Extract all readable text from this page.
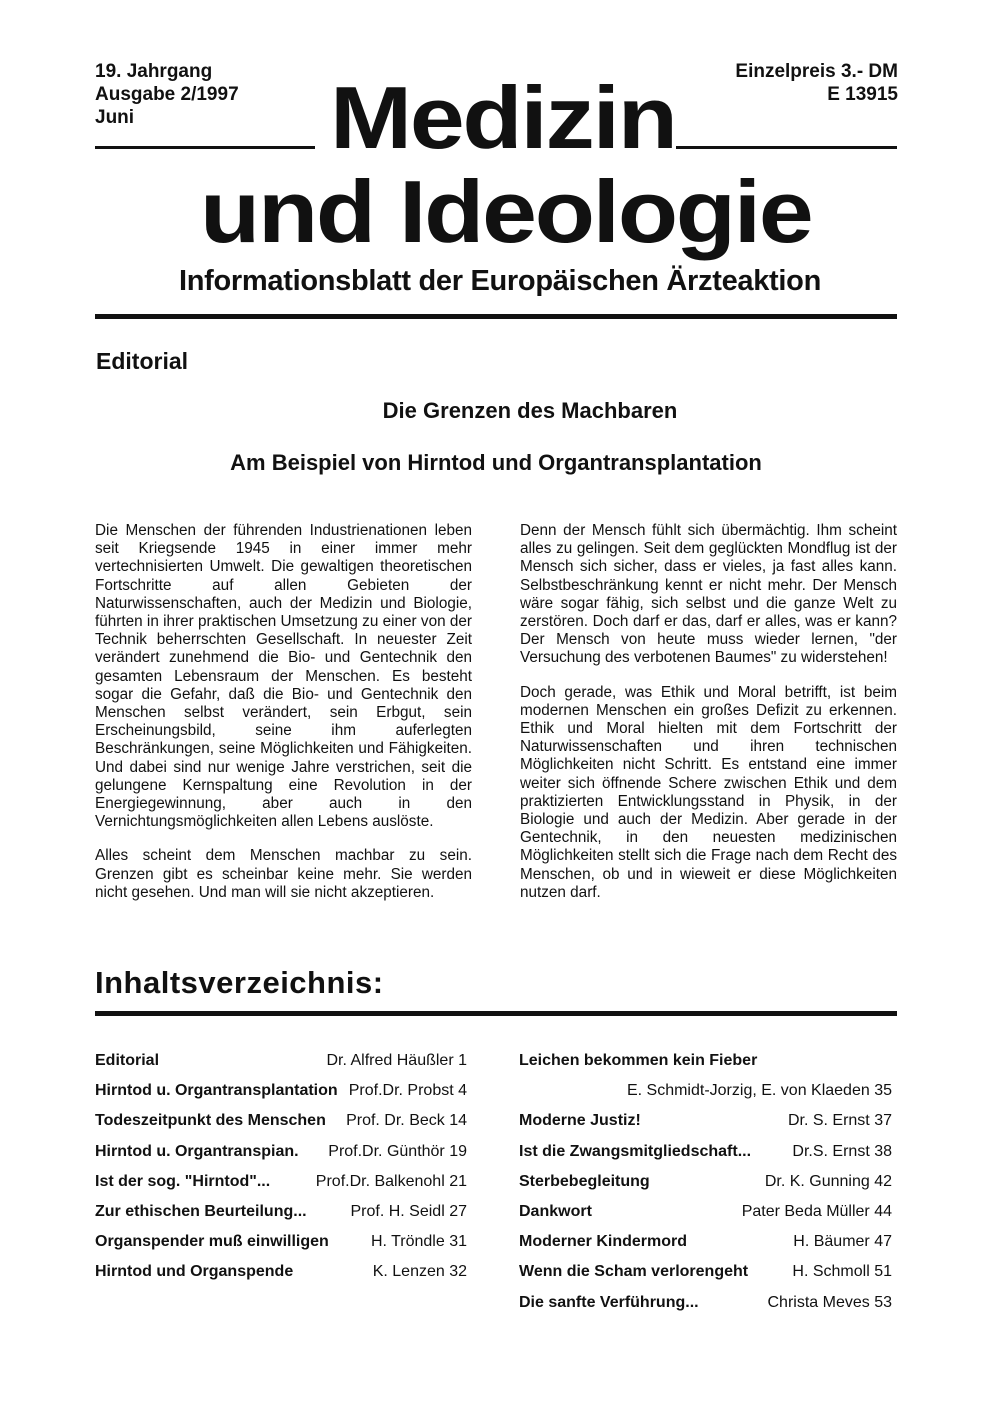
19. Jahrgang
Ausgabe 2/1997
Juni
Einzelpreis 3.- DM
E 13915
Medizin
und Ideologie
Informationsblatt der Europäischen Ärzteaktion
Editorial
Die Grenzen des Machbaren
Am Beispiel von Hirntod und Organtransplantation

Die Menschen der führenden Industrienationen leben seit Kriegsende 1945 in einer immer mehr vertechnisierten Umwelt. Die gewaltigen theoretischen Fortschritte auf allen Gebieten der Naturwissenschaften, auch der Medizin und Biologie, führten in ihrer praktischen Umsetzung zu einer von der Technik beherrschten Gesellschaft. In neuester Zeit verändert zunehmend die Bio- und Gentechnik den gesamten Lebensraum der Menschen. Es besteht sogar die Gefahr, daß die Bio- und Gentechnik den Menschen selbst verändert, sein Erbgut, sein Erscheinungsbild, seine ihm auferlegten Beschränkungen, seine Möglichkeiten und Fähigkeiten. Und dabei sind nur wenige Jahre verstrichen, seit die gelungene Kernspaltung eine Revolution in der Energiegewinnung, aber auch in den Vernichtungsmöglichkeiten allen Lebens auslöste.

Alles scheint dem Menschen machbar zu sein. Grenzen gibt es scheinbar keine mehr. Sie werden nicht gesehen. Und man will sie nicht akzeptieren.

Denn der Mensch fühlt sich übermächtig. Ihm scheint alles zu gelingen. Seit dem geglückten Mondflug ist der Mensch sich sicher, dass er vieles, ja fast alles kann. Selbstbeschränkung kennt er nicht mehr. Der Mensch wäre sogar fähig, sich selbst und die ganze Welt zu zerstören. Doch darf er das, darf er alles, was er kann? Der Mensch von heute muss wieder lernen, "der Versuchung des verbotenen Baumes" zu widerstehen!

Doch gerade, was Ethik und Moral betrifft, ist beim modernen Menschen ein großes Defizit zu erkennen. Ethik und Moral hielten mit dem Fortschritt der Naturwissenschaften und ihren technischen Möglichkeiten nicht Schritt. Es entstand eine immer weiter sich öffnende Schere zwischen Ethik und dem praktizierten Entwicklungsstand in Physik, in der Biologie und auch der Medizin. Aber gerade in der Gentechnik, in den neuesten medizinischen Möglichkeiten stellt sich die Frage nach dem Recht des Menschen, ob und in wieweit er diese Möglichkeiten nutzen darf.

Inhaltsverzeichnis:
Editorial	Dr. Alfred Häußler 1
Hirntod u. Organtransplantation Prof.Dr. Probst 4
Todeszeitpunkt des Menschen Prof. Dr. Beck 14
Hirntod u. Organtranspian. Prof.Dr. Günthör 19
Ist der sog. "Hirntod"...	Prof.Dr. Balkenohl 21
Zur ethischen Beurteilung...	Prof. H. Seidl 27
Organspender muß einwilligen	H. Tröndle 31
Hirntod und Organspende	K. Lenzen 32
Leichen bekommen kein Fieber
E. Schmidt-Jorzig, E. von Klaeden 35
Moderne Justiz!	Dr. S. Ernst 37
Ist die Zwangsmitgliedschaft...	Dr.S. Ernst 38
Sterbebegleitung	Dr. K. Gunning 42
Dankwort	Pater Beda Müller 44
Moderner Kindermord	H. Bäumer 47
Wenn die Scham verlorengeht	H. Schmoll 51
Die sanfte Verführung...	Christa Meves 53
